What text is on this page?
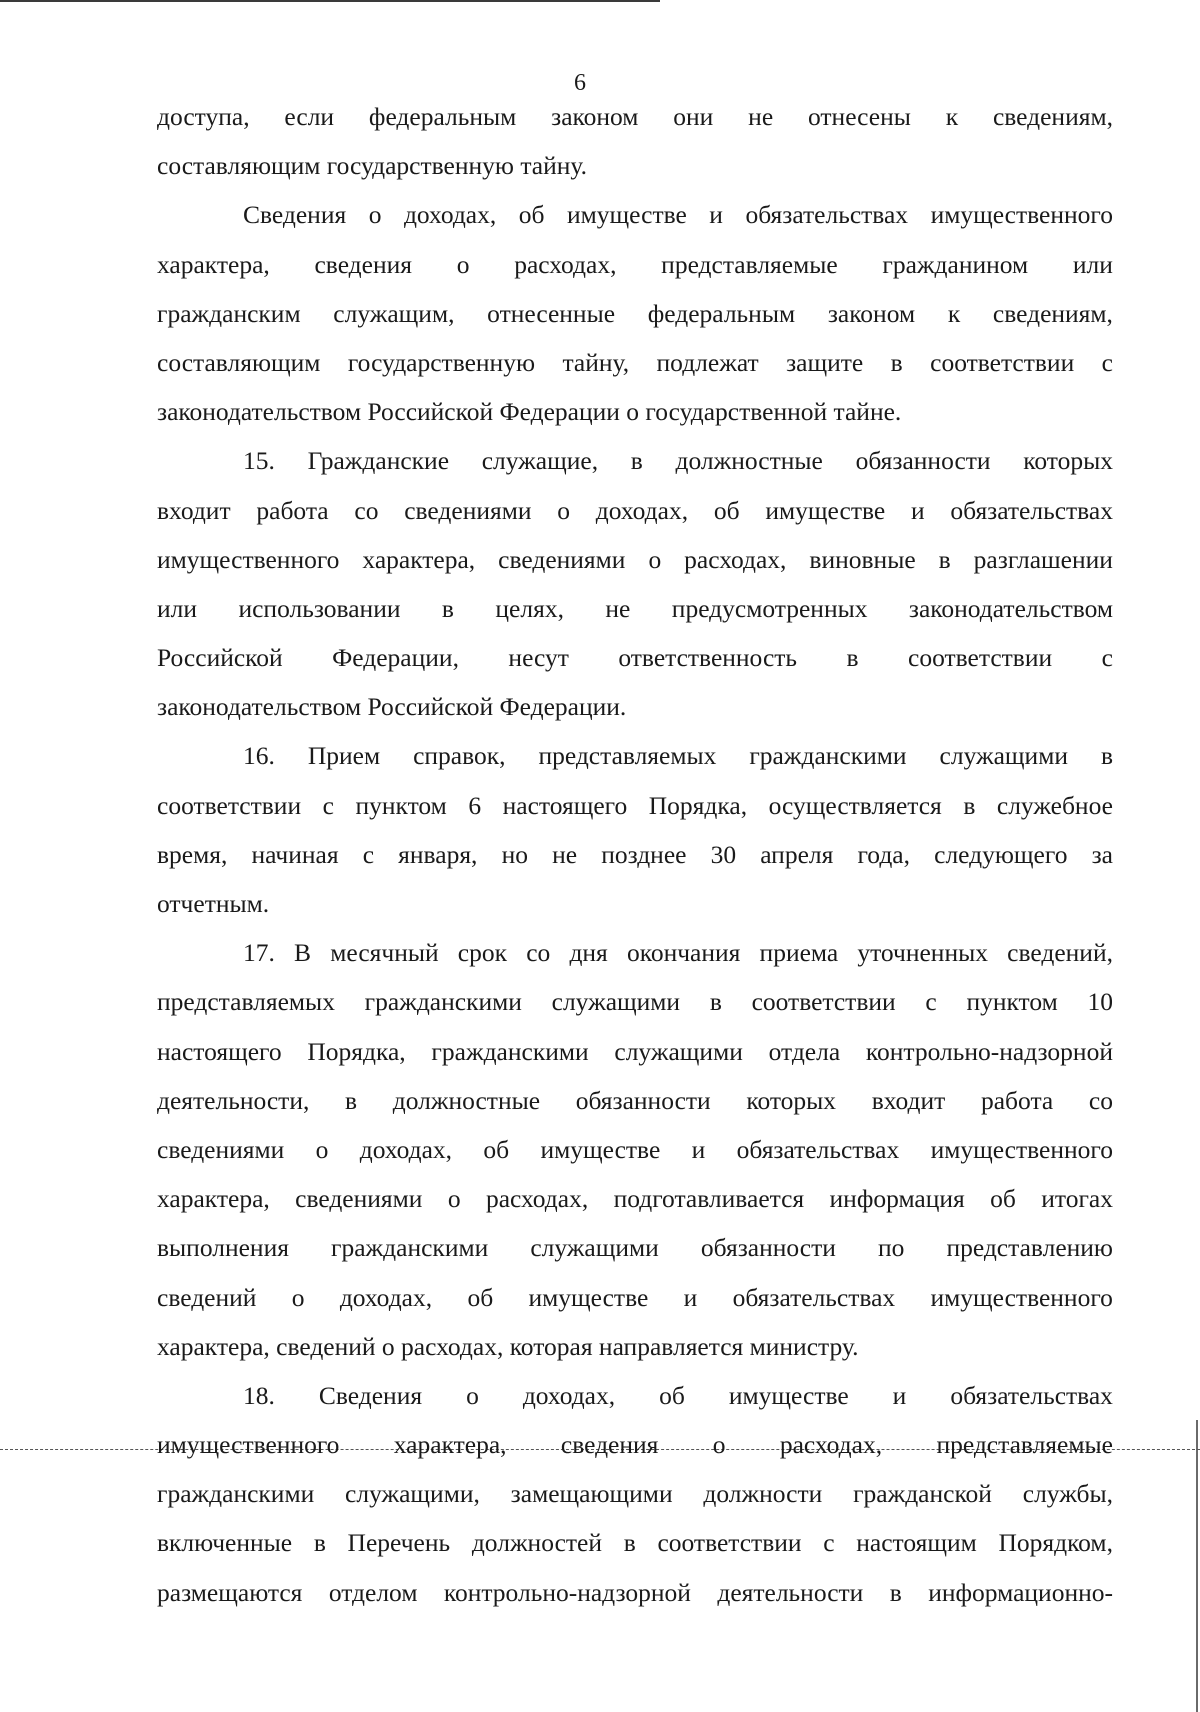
6
доступа, если федеральным законом они не отнесены к сведениям,
составляющим государственную тайну.
Сведения о доходах, об имуществе и обязательствах имущественного
характера, сведения о расходах, представляемые гражданином или
гражданским служащим, отнесенные федеральным законом к сведениям,
составляющим государственную тайну, подлежат защите в соответствии с
законодательством Российской Федерации о государственной тайне.
15. Гражданские служащие, в должностные обязанности которых
входит работа со сведениями о доходах, об имуществе и обязательствах
имущественного характера, сведениями о расходах, виновные в разглашении
или использовании в целях, не предусмотренных законодательством
Российской Федерации, несут ответственность в соответствии с
законодательством Российской Федерации.
16. Прием справок, представляемых гражданскими служащими в
соответствии с пунктом 6 настоящего Порядка, осуществляется в служебное
время, начиная с января, но не позднее 30 апреля года, следующего за
отчетным.
17. В месячный срок со дня окончания приема уточненных сведений,
представляемых гражданскими служащими в соответствии с пунктом 10
настоящего Порядка, гражданскими служащими отдела контрольно-надзорной
деятельности, в должностные обязанности которых входит работа со
сведениями о доходах, об имуществе и обязательствах имущественного
характера, сведениями о расходах, подготавливается информация об итогах
выполнения гражданскими служащими обязанности по представлению
сведений о доходах, об имуществе и обязательствах имущественного
характера, сведений о расходах, которая направляется министру.
18. Сведения о доходах, об имуществе и обязательствах
имущественного характера, сведения о расходах, представляемые
гражданскими служащими, замещающими должности гражданской службы,
включенные в Перечень должностей в соответствии с настоящим Порядком,
размещаются отделом контрольно-надзорной деятельности в информационно-
